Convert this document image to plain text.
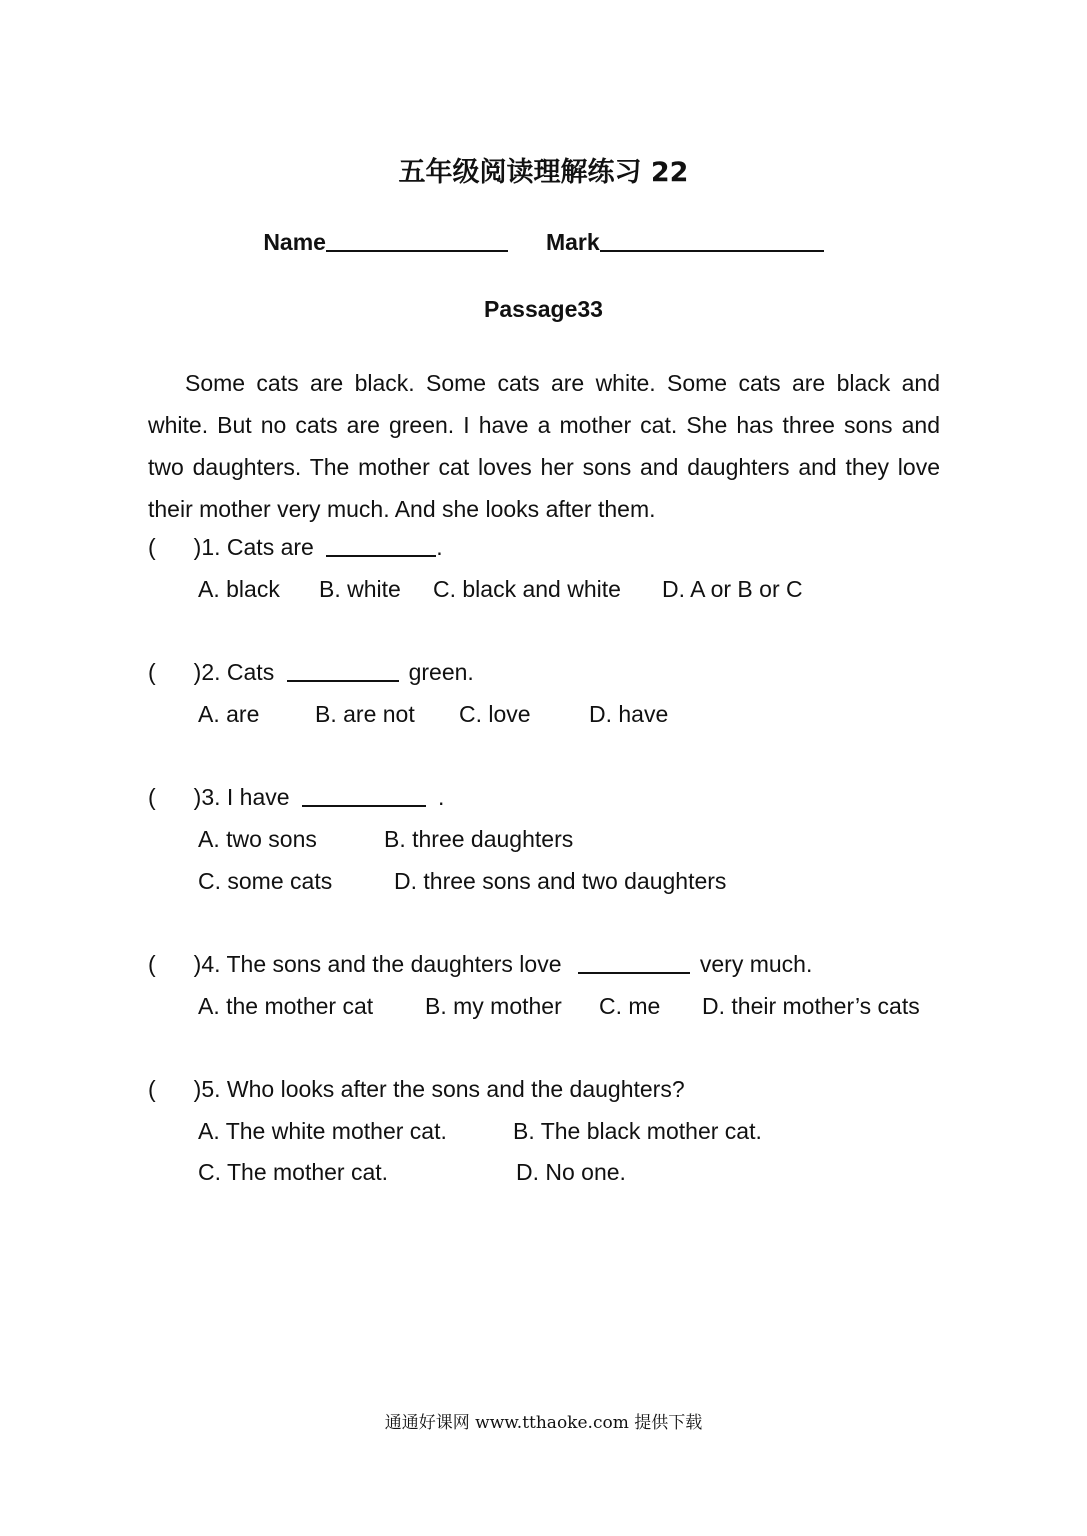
五年级阅读理解练习 22
Name	Mark
Passage33
Some cats are black. Some cats are white. Some cats are black and white. But no cats are green. I have a mother cat. She has three sons and two daughters. The mother cat loves her sons and daughters and they love their mother very much. And she looks after them.
( )1. Cats are	.
A. black B. white C. black and white D. A or B or C
( )2. Cats	green.
A. are B. are not C. love	D. have
( )3. I have	.
A. two sons	B. three daughters
C. some cats	D. three sons and two daughters
( )4. The sons and the daughters love	very much.
A. the mother cat B. my mother C. me D. their mother’s cats
( )5. Who looks after the sons and the daughters?
A. The white mother cat.	B. The black mother cat.
C. The mother cat.	D. No one.
通通好课网 www.tthaoke.com 提供下载
